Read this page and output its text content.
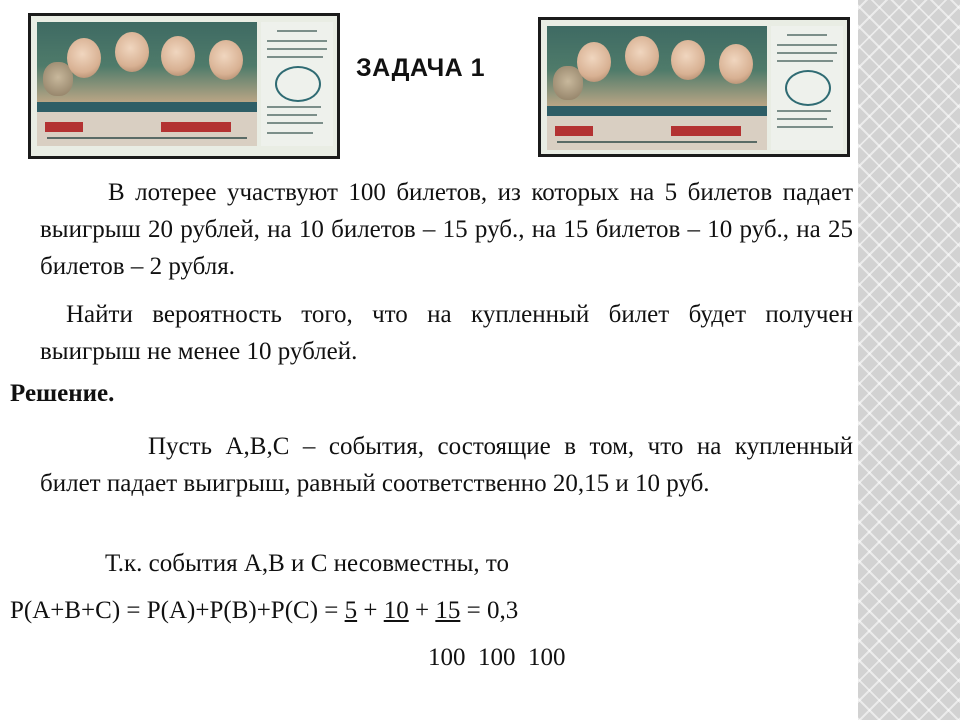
ЗАДАЧА 1

В лотерее участвуют 100 билетов, из которых на 5 билетов падает выигрыш 20 рублей, на 10 билетов – 15 руб., на 15 билетов – 10 руб., на 25 билетов – 2 рубля.

Найти вероятность того, что на купленный билет будет получен выигрыш не менее 10 рублей.

Решение.

Пусть A,B,C – события, состоящие в том, что на купленный билет падает выигрыш, равный соответственно 20,15 и 10 руб.

Т.к. события A,B и C несовместны, то

P(A+B+C) = P(A)+P(B)+P(C) = 5 + 10 + 15 = 0,3

100  100  100
